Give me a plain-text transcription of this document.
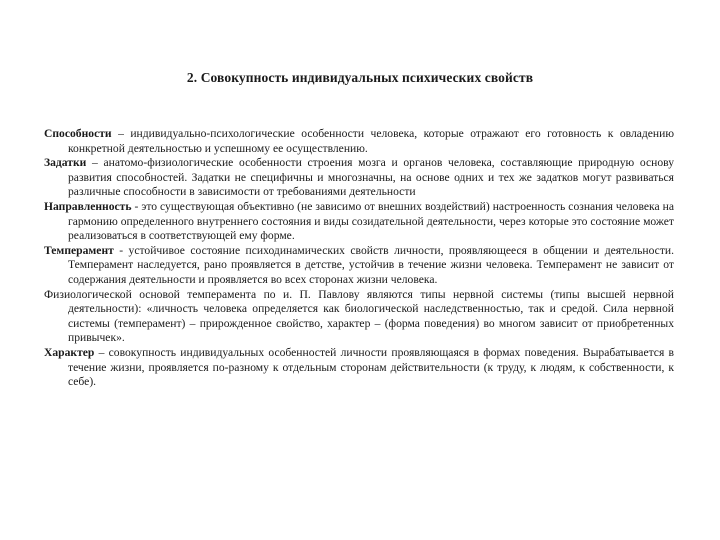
2. Совокупность индивидуальных психических свойств

Способности – индивидуально-психологические особенности человека, которые отражают его готовность к овладению конкретной деятельностью и успешному ее осуществлению.

Задатки – анатомо-физиологические особенности строения мозга и органов человека, составляющие природную основу развития способностей. Задатки не специфичны и многозначны, на основе одних и тех же задатков могут развиваться различные способности в зависимости от требованиями деятельности

Направленность - это существующая объективно (не зависимо от внешних воздействий) настроенность сознания человека на гармонию определенного внутреннего состояния и виды созидательной деятельности, через которые это состояние может реализоваться в соответствующей ему форме.

Темперамент - устойчивое состояние психодинамических свойств личности, проявляющееся в общении и деятельности. Темперамент наследуется, рано проявляется в детстве, устойчив в течение жизни человека. Темперамент не зависит от содержания деятельности и проявляется во всех сторонах жизни человека.

Физиологической основой темперамента по и. П. Павлову являются типы нервной системы (типы высшей нервной деятельности): «личность человека определяется как биологической наследственностью, так и средой. Сила нервной системы (темперамент) – прирожденное свойство, характер – (форма поведения) во многом зависит от приобретенных привычек».

Характер – совокупность индивидуальных особенностей личности проявляющаяся в формах поведения. Вырабатывается в течение жизни, проявляется по-разному к отдельным сторонам действительности (к труду, к людям, к собственности, к себе).
